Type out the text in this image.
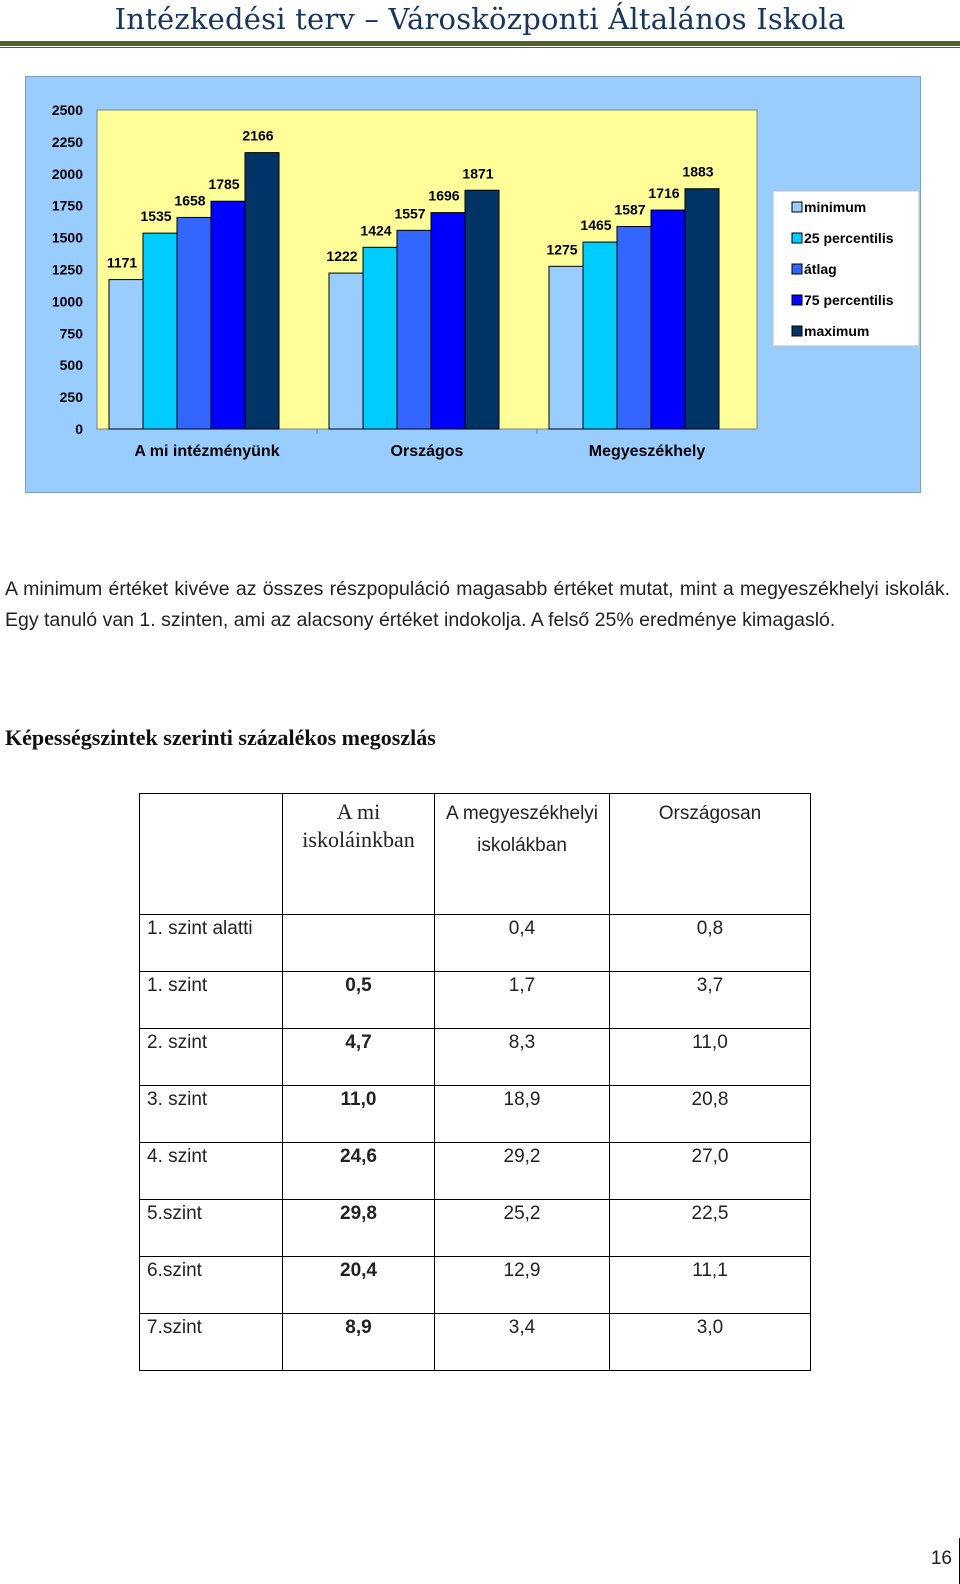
Intézkedési terv – Városközponti Általános Iskola
0
250
500
750
1000
1250
1500
1750
2000
2250
2500
1171
1535
1658
1785
2166
1222
1424
1557
1696
1871
1275
1465
1587
1716
1883
A mi intézményünk	Országos	Megyeszékhely
minimum
25 percentilis
átlag
75 percentilis
maximum
A minimum értéket kivéve az összes részpopuláció magasabb értéket mutat, mint a megyeszékhelyi iskolák. Egy tanuló van 1. szinten, ami az alacsony értéket indokolja. A felső 25% eredménye kimagasló.
Képességszintek szerinti százalékos megoszlás
	A mi iskoláinkban	A megyeszékhelyi iskolákban	Országosan
1. szint alatti		0,4	0,8
1. szint	0,5	1,7	3,7
2. szint	4,7	8,3	11,0
3. szint	11,0	18,9	20,8
4. szint	24,6	29,2	27,0
5.szint	29,8	25,2	22,5
6.szint	20,4	12,9	11,1
7.szint	8,9	3,4	3,0
16
